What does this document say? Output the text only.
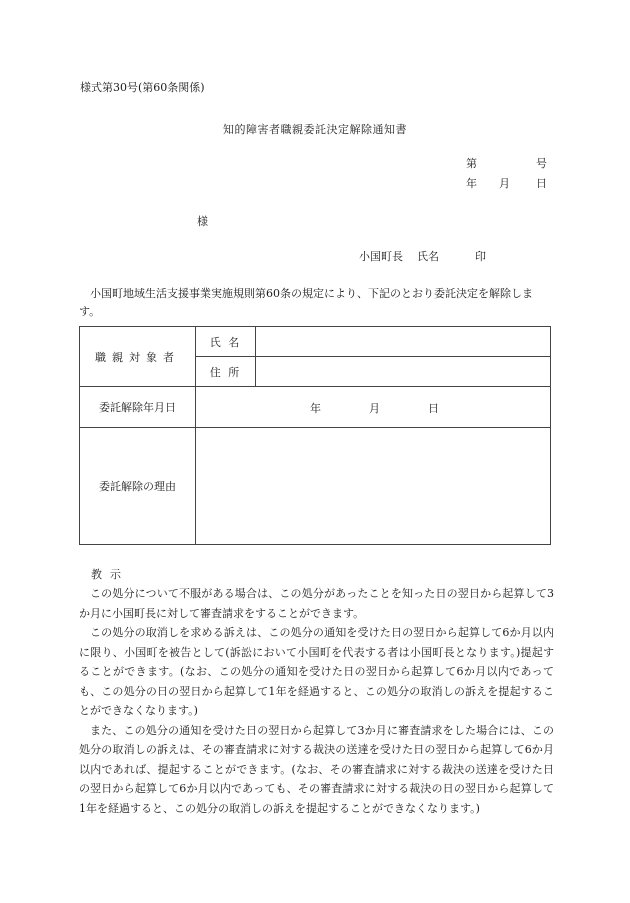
様式第30号(第60条関係)
知的障害者職親委託決定解除通知書
第	号
年 月 日
様
小国町長 氏名	印
小国町地域生活支援事業実施規則第60条の規定により、下記のとおり委託決定を解除します。
職親対象者	氏 名	
	住 所	
委託解除年月日	年 月 日	

委託解除の理由		
教示

この処分について不服がある場合は、この処分があったことを知った日の翌日から起算して3か月に小国町長に対して審査請求をすることができます。

この処分の取消しを求める訴えは、この処分の通知を受けた日の翌日から起算して6か月以内に限り、小国町を被告として(訴訟において小国町を代表する者は小国町長となります。)提起することができます。(なお、この処分の通知を受けた日の翌日から起算して6か月以内であっても、この処分の日の翌日から起算して1年を経過すると、この処分の取消しの訴えを提起することができなくなります。)

また、この処分の通知を受けた日の翌日から起算して3か月に審査請求をした場合には、この処分の取消しの訴えは、その審査請求に対する裁決の送達を受けた日の翌日から起算して6か月以内であれば、提起することができます。(なお、その審査請求に対する裁決の送達を受けた日の翌日から起算して6か月以内であっても、その審査請求に対する裁決の日の翌日から起算して1年を経過すると、この処分の取消しの訴えを提起することができなくなります。)
